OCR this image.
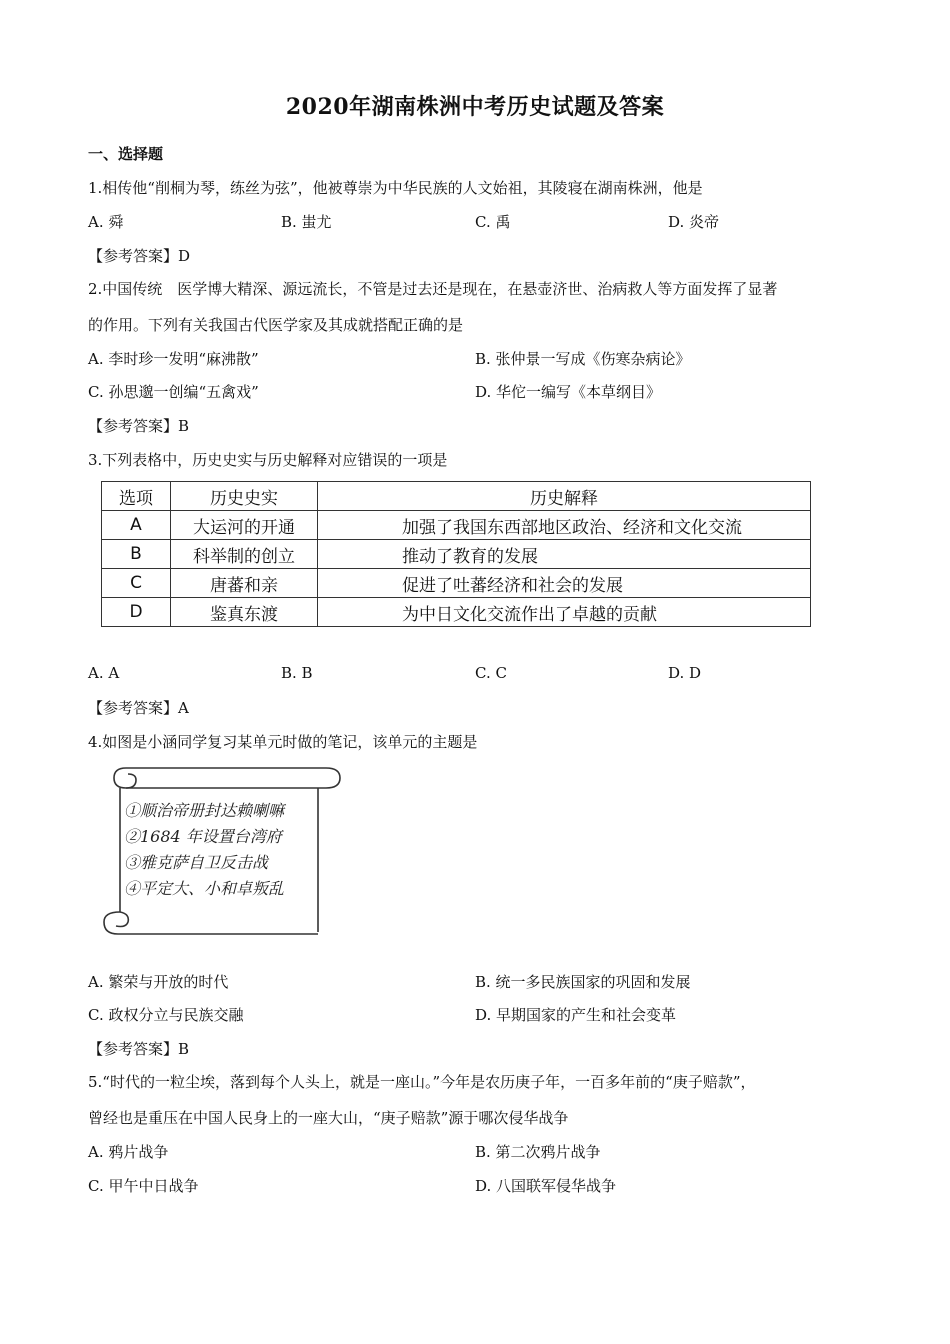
2020年湖南株洲中考历史试题及答案
一、选择题
1.相传他“削桐为琴，练丝为弦”，他被尊崇为中华民族的人文始祖，其陵寝在湖南株洲，他是
A. 舜	B. 蚩尤	C. 禹	D. 炎帝
【参考答案】D
2.中国传统　医学博大精深、源远流长，不管是过去还是现在，在悬壶济世、治病救人等方面发挥了显著
的作用。下列有关我国古代医学家及其成就搭配正确的是
A. 李时珍一发明“麻沸散”	B. 张仲景一写成《伤寒杂病论》
C. 孙思邈一创编“五禽戏”	D. 华佗一编写《本草纲目》
【参考答案】B
3.下列表格中，历史史实与历史解释对应错误的一项是
选项	历史史实	历史解释
A	大运河的开通	加强了我国东西部地区政治、经济和文化交流
B	科举制的创立	推动了教育的发展
C	唐蕃和亲	促进了吐蕃经济和社会的发展
D	鉴真东渡	为中日文化交流作出了卓越的贡献
A. A	B. B	C. C	D. D
【参考答案】A
4.如图是小涵同学复习某单元时做的笔记，该单元的主题是
①顺治帝册封达赖喇嘛
②1684 年设置台湾府
③雅克萨自卫反击战
④平定大、小和卓叛乱
A. 繁荣与开放的时代	B. 统一多民族国家的巩固和发展
C. 政权分立与民族交融	D. 早期国家的产生和社会变革
【参考答案】B
5.“时代的一粒尘埃，落到每个人头上，就是一座山。”今年是农历庚子年，一百多年前的“庚子赔款”，
曾经也是重压在中国人民身上的一座大山，“庚子赔款”源于哪次侵华战争
A. 鸦片战争	B. 第二次鸦片战争
C. 甲午中日战争	D. 八国联军侵华战争
